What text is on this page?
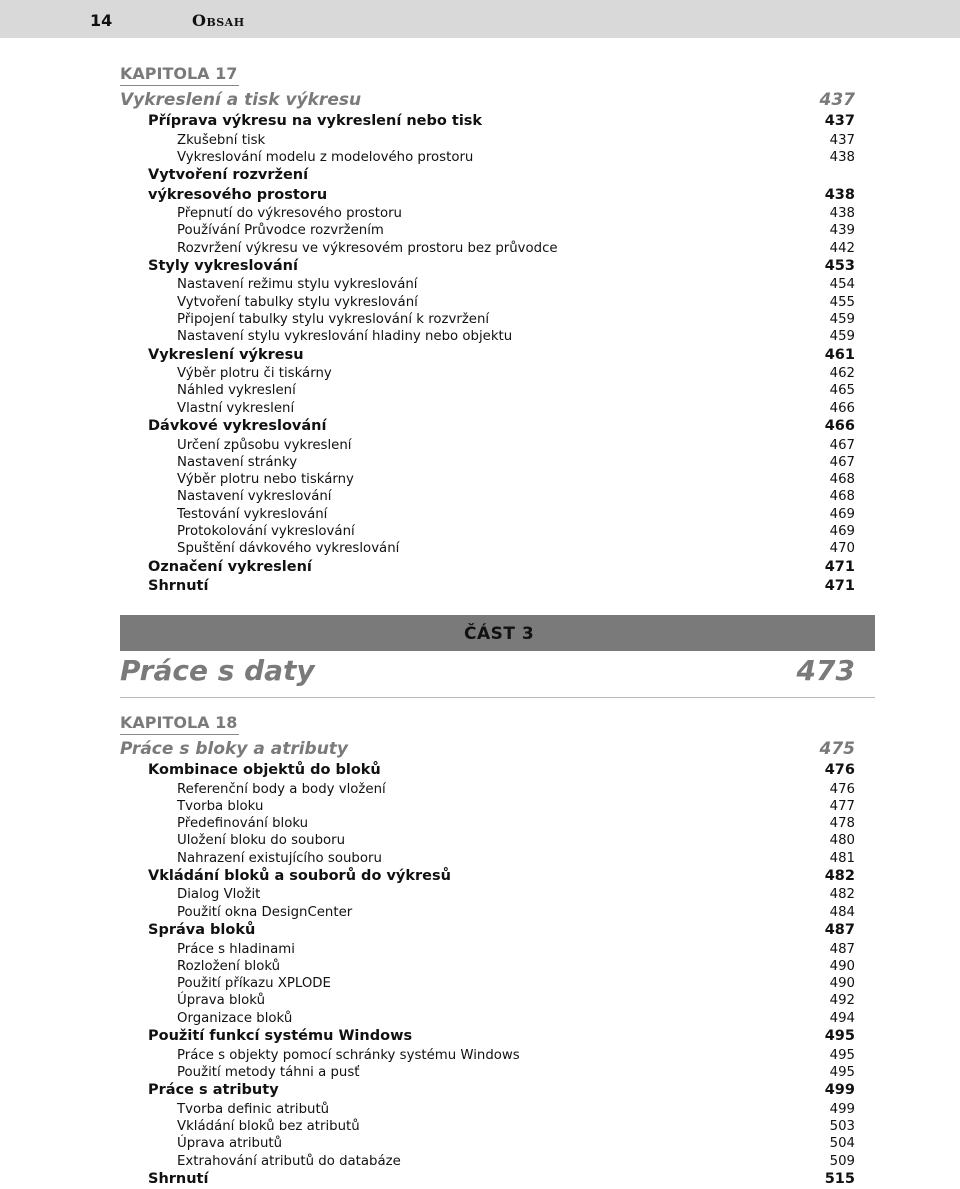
14	Obsah
KAPITOLA 17
Vykreslení a tisk výkresu	437
Příprava výkresu na vykreslení nebo tisk	437
Zkušební tisk	437
Vykreslování modelu z modelového prostoru	438
Vytvoření rozvržení
výkresového prostoru	438
Přepnutí do výkresového prostoru	438
Používání Průvodce rozvržením	439
Rozvržení výkresu ve výkresovém prostoru bez průvodce	442
Styly vykreslování	453
Nastavení režimu stylu vykreslování	454
Vytvoření tabulky stylu vykreslování	455
Připojení tabulky stylu vykreslování k rozvržení	459
Nastavení stylu vykreslování hladiny nebo objektu	459
Vykreslení výkresu	461
Výběr plotru či tiskárny	462
Náhled vykreslení	465
Vlastní vykreslení	466
Dávkové vykreslování	466
Určení způsobu vykreslení	467
Nastavení stránky	467
Výběr plotru nebo tiskárny	468
Nastavení vykreslování	468
Testování vykreslování	469
Protokolování vykreslování	469
Spuštění dávkového vykreslování	470
Označení vykreslení	471
Shrnutí	471
ČÁST 3
Práce s daty	473
KAPITOLA 18
Práce s bloky a atributy	475
Kombinace objektů do bloků	476
Referenční body a body vložení	476
Tvorba bloku	477
Předefinování bloku	478
Uložení bloku do souboru	480
Nahrazení existujícího souboru	481
Vkládání bloků a souborů do výkresů	482
Dialog Vložit	482
Použití okna DesignCenter	484
Správa bloků	487
Práce s hladinami	487
Rozložení bloků	490
Použití příkazu XPLODE	490
Úprava bloků	492
Organizace bloků	494
Použití funkcí systému Windows	495
Práce s objekty pomocí schránky systému Windows	495
Použití metody táhni a pusť	495
Práce s atributy	499
Tvorba definic atributů	499
Vkládání bloků bez atributů	503
Úprava atributů	504
Extrahování atributů do databáze	509
Shrnutí	515
